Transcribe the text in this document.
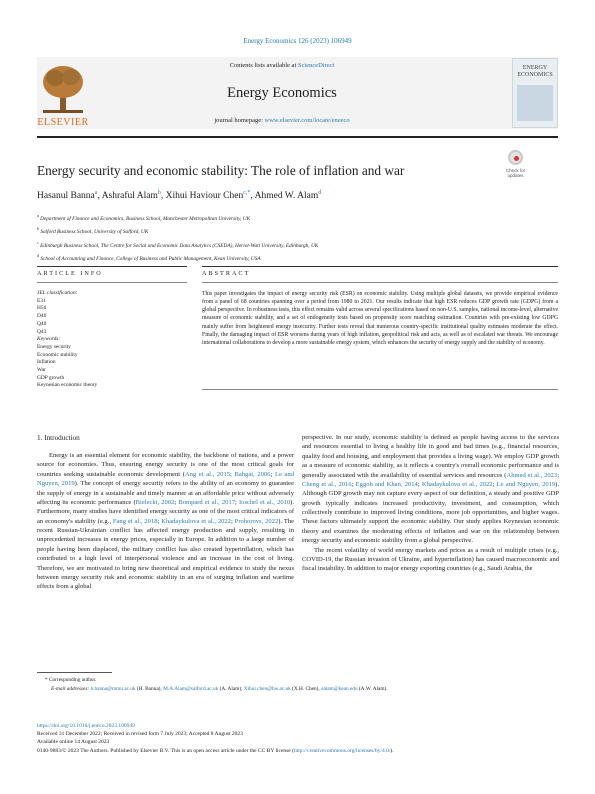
Energy Economics 126 (2023) 106949
ELSEVIER
Contents lists available at ScienceDirect
Energy Economics
journal homepage: www.elsevier.com/locate/eneeco
ENERGY ECONOMICS
Energy security and economic stability: The role of inflation and war	Check for updates
Hasanul Banna$^a$, Ashraful Alam$^b$, Xihui Haviour Chen$^{c,*}$, Ahmed W. Alam$^d$
$^a$ Department of Finance and Economics, Business School, Manchester Metropolitan University, UK
$^b$ Salford Business School, University of Salford, UK
$^c$ Edinburgh Business School, The Centre for Social and Economic Data Analytics (CSEDA), Heriot-Watt University, Edinburgh, UK
$^d$ School of Accounting and Finance, College of Business and Public Management, Kean University, USA
ARTICLE INFO	ABSTRACT
JEL classification:
E31
H56
D40
Q40
Q43
Keywords:
Energy security
Economic stability
Inflation
War
GDP growth
Keynesian economic theory
This paper investigates the impact of energy security risk (ESR) on economic stability. Using multiple global datasets, we provide empirical evidence from a panel of 68 countries spanning over a period from 1980 to 2021. Our results indicate that high ESR reduces GDP growth rate (GDPG) from a global perspective. In robustness tests, this effect remains valid across several specifications based on non-U.S. samples, national income-level, alternative measure of economic stability, and a set of endogeneity tests based on propensity score matching estimation. Countries with pre-existing low GDPG mainly suffer from heightened energy insecurity. Further tests reveal that numerous country-specific institutional quality estimates moderate the effect. Finally, the damaging impact of ESR worsens during years of high inflation, geopolitical risk and acts, as well as of escalated war threats. We encourage international collaborations to develop a more sustainable energy system, which enhances the security of energy supply and the stability of economy.
1. Introduction
Energy is an essential element for economic stability, the backbone of nations, and a power source for economies. Thus, ensuring energy security is one of the most critical goals for countries seeking sustainable economic development (Ang et al., 2015; Bahgat, 2006; Le and Nguyen, 2019). The concept of energy security refers to the ability of an economy to guarantee the supply of energy in a sustainable and timely manner at an affordable price without adversely affecting its economic performance (Bielecki, 2002; Bompard et al., 2017; Ioschel et al., 2010). Furthermore, many studies have identified energy security as one of the most critical indicators of an economy's stability (e.g., Fang et al., 2018; Khadaykulova et al., 2022; Prohorovs, 2022). The recent Russian-Ukrainian conflict has affected energy production and supply, resulting in unprecedented increases in energy prices, especially in Europe. In addition to a large number of people having been displaced, the military conflict has also created hyperinflation, which has contributed to a high level of interpersonal violence and an increase in the cost of living. Therefore, we are motivated to bring new theoretical and empirical evidence to study the nexus between energy security risk and economic stability in an era of surging inflation and wartime effects from a global
perspective. In our study, economic stability is defined as people having access to the services and resources essential to living a healthy life in good and bad times (e.g., financial resources, quality food and housing, and employment that provides a living wage). We employ GDP growth as a measure of economic stability, as it reflects a country's overall economic performance and is generally associated with the availability of essential services and resources (Ahmed et al., 2023; Cheng et al., 2016; Eggoh and Khan, 2014; Khadaykulova et al., 2022; Le and Nguyen, 2019). Although GDP growth may not capture every aspect of our definition, a steady and positive GDP growth typically indicates increased productivity, investment, and consumption, which collectively contribute to improved living conditions, more job opportunities, and higher wages. These factors ultimately support the economic stability. Our study applies Keynesian economic theory and examines the moderating effects of inflation and war on the relationship between energy security and economic stability from a global perspective.
The recent volatility of world energy markets and prices as a result of multiple crises (e.g., COVID-19, the Russian invasion of Ukraine, and hyperinflation) has caused macroeconomic and fiscal instability. In addition to major energy exporting countries (e.g., Saudi Arabia, the
* Corresponding author.
E-mail addresses: h.banna@mmu.ac.uk (H. Banna), M.A.Alam@salford.ac.uk (A. Alam), Xihui.chen@hw.ac.uk (X.H. Chen), aalam@kean.edu (A.W. Alam).
https://doi.org/10.1016/j.eneco.2023.106949
Received 31 December 2022; Received in revised form 7 July 2023; Accepted 8 August 2023
Available online 14 August 2023
0140-9883/© 2023 The Authors. Published by Elsevier B.V. This is an open access article under the CC BY license (http://creativecommons.org/licenses/by/4.0/).
